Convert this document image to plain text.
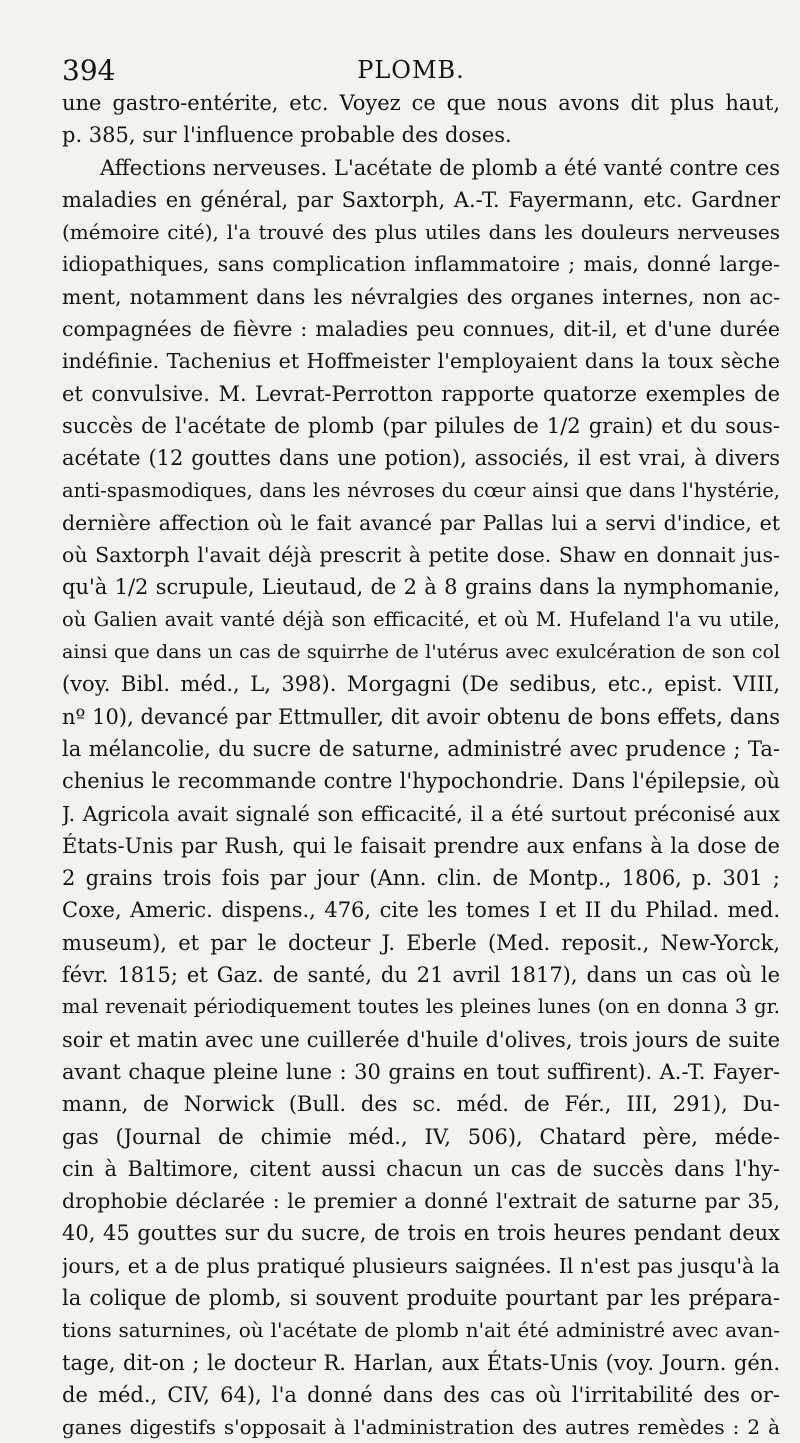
394	PLOMB.
une gastro-entérite, etc. Voyez ce que nous avons dit plus haut,
p. 385, sur l'influence probable des doses.
Affections nerveuses. L'acétate de plomb a été vanté contre ces
maladies en général, par Saxtorph, A.-T. Fayermann, etc. Gardner
(mémoire cité), l'a trouvé des plus utiles dans les douleurs nerveuses
idiopathiques, sans complication inflammatoire ; mais, donné large-
ment, notamment dans les névralgies des organes internes, non ac-
compagnées de fièvre : maladies peu connues, dit-il, et d'une durée
indéfinie. Tachenius et Hoffmeister l'employaient dans la toux sèche
et convulsive. M. Levrat-Perrotton rapporte quatorze exemples de
succès de l'acétate de plomb (par pilules de 1/2 grain) et du sous-
acétate (12 gouttes dans une potion), associés, il est vrai, à divers
anti-spasmodiques, dans les névroses du cœur ainsi que dans l'hystérie,
dernière affection où le fait avancé par Pallas lui a servi d'indice, et
où Saxtorph l'avait déjà prescrit à petite dose. Shaw en donnait jus-
qu'à 1/2 scrupule, Lieutaud, de 2 à 8 grains dans la nymphomanie,
où Galien avait vanté déjà son efficacité, et où M. Hufeland l'a vu utile,
ainsi que dans un cas de squirrhe de l'utérus avec exulcération de son col
(voy. Bibl. méd., L, 398). Morgagni (De sedibus, etc., epist. VIII,
nº 10), devancé par Ettmuller, dit avoir obtenu de bons effets, dans
la mélancolie, du sucre de saturne, administré avec prudence ; Ta-
chenius le recommande contre l'hypochondrie. Dans l'épilepsie, où
J. Agricola avait signalé son efficacité, il a été surtout préconisé aux
États-Unis par Rush, qui le faisait prendre aux enfans à la dose de
2 grains trois fois par jour (Ann. clin. de Montp., 1806, p. 301 ;
Coxe, Americ. dispens., 476, cite les tomes I et II du Philad. med.
museum), et par le docteur J. Eberle (Med. reposit., New-Yorck,
févr. 1815; et Gaz. de santé, du 21 avril 1817), dans un cas où le
mal revenait périodiquement toutes les pleines lunes (on en donna 3 gr.
soir et matin avec une cuillerée d'huile d'olives, trois jours de suite
avant chaque pleine lune : 30 grains en tout suffirent). A.-T. Fayer-
mann, de Norwick (Bull. des sc. méd. de Fér., III, 291), Du-
gas (Journal de chimie méd., IV, 506), Chatard père, méde-
cin à Baltimore, citent aussi chacun un cas de succès dans l'hy-
drophobie déclarée : le premier a donné l'extrait de saturne par 35,
40, 45 gouttes sur du sucre, de trois en trois heures pendant deux
jours, et a de plus pratiqué plusieurs saignées. Il n'est pas jusqu'à la
la colique de plomb, si souvent produite pourtant par les prépara-
tions saturnines, où l'acétate de plomb n'ait été administré avec avan-
tage, dit-on ; le docteur R. Harlan, aux États-Unis (voy. Journ. gén.
de méd., CIV, 64), l'a donné dans des cas où l'irritabilité des or-
ganes digestifs s'opposait à l'administration des autres remèdes : 2 à
